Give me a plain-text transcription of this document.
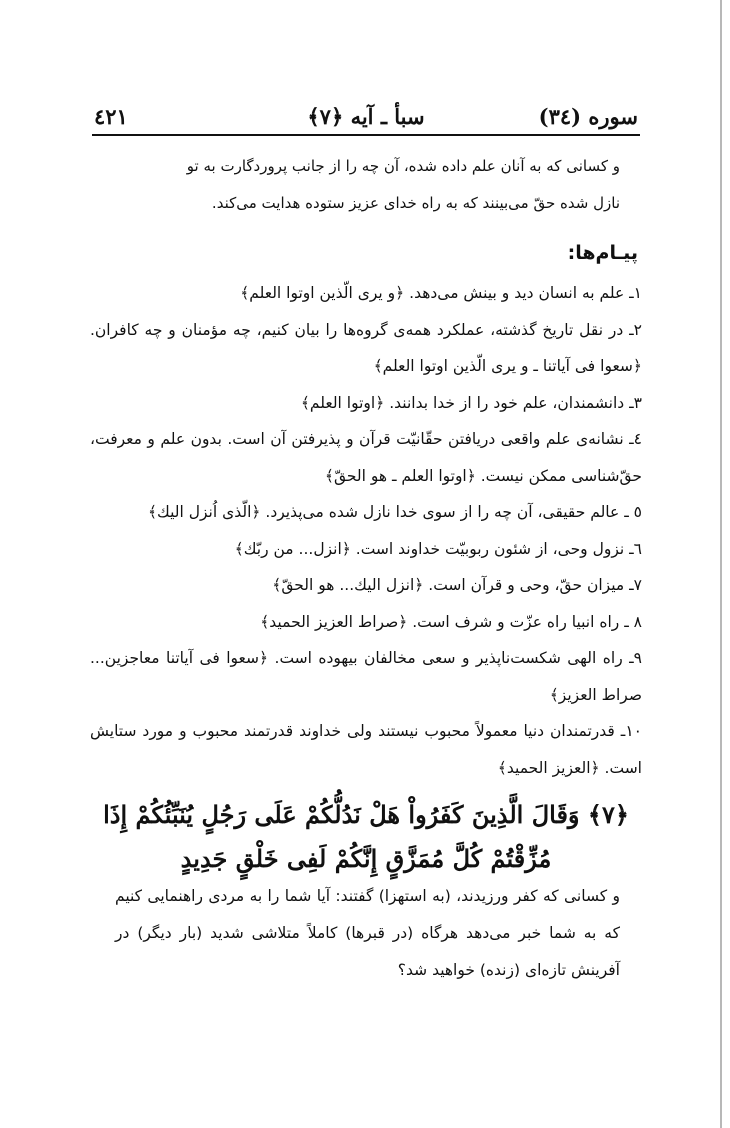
سوره (٣٤)
سبأ ـ آیه ﴿٧﴾
٤٢١

و کسانی که به آنان علم داده شده، آن چه را از جانب پروردگارت به تو

نازل شده حقّ می‌بینند که به راه خدای عزیز ستوده هدایت می‌کند.

پیـام‌ها:

۱ـ علم به انسان دید و بینش می‌دهد. ﴿و یری الّذین اوتوا العلم﴾

۲ـ در نقل تاریخ گذشته، عملکرد همه‌ی گروه‌ها را بیان کنیم، چه مؤمنان و چه کافران. ﴿سعوا فی آیاتنا ـ و یری الّذین اوتوا العلم﴾

۳ـ دانشمندان، علم خود را از خدا بدانند. ﴿اوتوا العلم﴾

٤ـ نشانه‌ی علم واقعی دریافتن حقّانیّت قرآن و پذیرفتن آن است. بدون علم و معرفت، حقّ‌شناسی ممکن نیست. ﴿اوتوا العلم ـ هو الحقّ﴾

٥ ـ عالم حقیقی، آن چه را از سوی خدا نازل شده می‌پذیرد. ﴿الّذی اُنزل الیك﴾

٦ـ نزول وحی، از شئون ربوبیّت خداوند است. ﴿انزل... من ربّك﴾

۷ـ میزان حقّ، وحی و قرآن است. ﴿انزل الیك... هو الحقّ﴾

۸ ـ راه انبیا راه عزّت و شرف است. ﴿صراط العزیز الحمید﴾

۹ـ راه الهی شکست‌ناپذیر و سعی مخالفان بیهوده است. ﴿سعوا فی آیاتنا معاجزین... صراط العزیز﴾

۱۰ـ قدرتمندان دنیا معمولاً محبوب نیستند ولی خداوند قدرتمند محبوب و مورد ستایش است. ﴿العزیز الحمید﴾

﴿٧﴾ وَقَالَ الَّذِينَ كَفَرُواْ هَلْ نَدُلُّكُمْ عَلَى رَجُلٍ يُنَبِّئُكُمْ إِذَا مُزِّقْتُمْ كُلَّ مُمَزَّقٍ إِنَّكُمْ لَفِى خَلْقٍ جَدِيدٍ

و کسانی که کفر ورزیدند، (به استهزا) گفتند: آیا شما را به مردی راهنمایی کنیم که به شما خبر می‌دهد هرگاه (در قبرها) کاملاً متلاشی شدید (بار دیگر) در آفرینش تازه‌ای (زنده) خواهید شد؟
